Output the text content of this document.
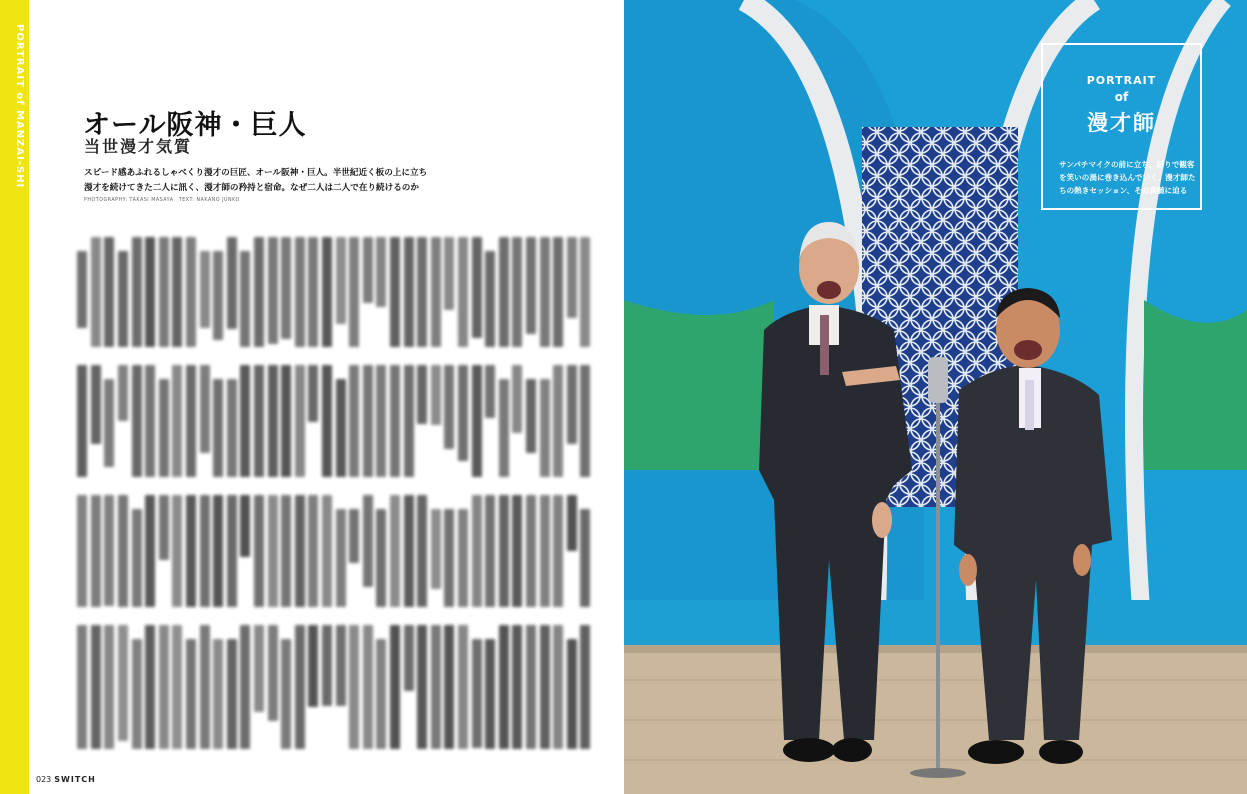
PORTRAIT of MANZAI-SHI オール阪神・巨人
当世漫才気質
スピード感あふれるしゃべくり漫才の巨匠、オール阪神・巨人。半世紀近く板の上に立ち
漫才を続けてきた二人に訊く、漫才師の矜持と宿命。なぜ二人は二人で在り続けるのか
PHOTOGRAPHY: TAKASI MASAYA　TEXT: NAKANO JUNKO
023 SWITCH
PORTRAIT
of
漫才師
サンパチマイクの前に立ち、話りで観客
を笑いの渦に巻き込んでいく、漫才師た
ちの熱きセッション、その真髄に迫る
